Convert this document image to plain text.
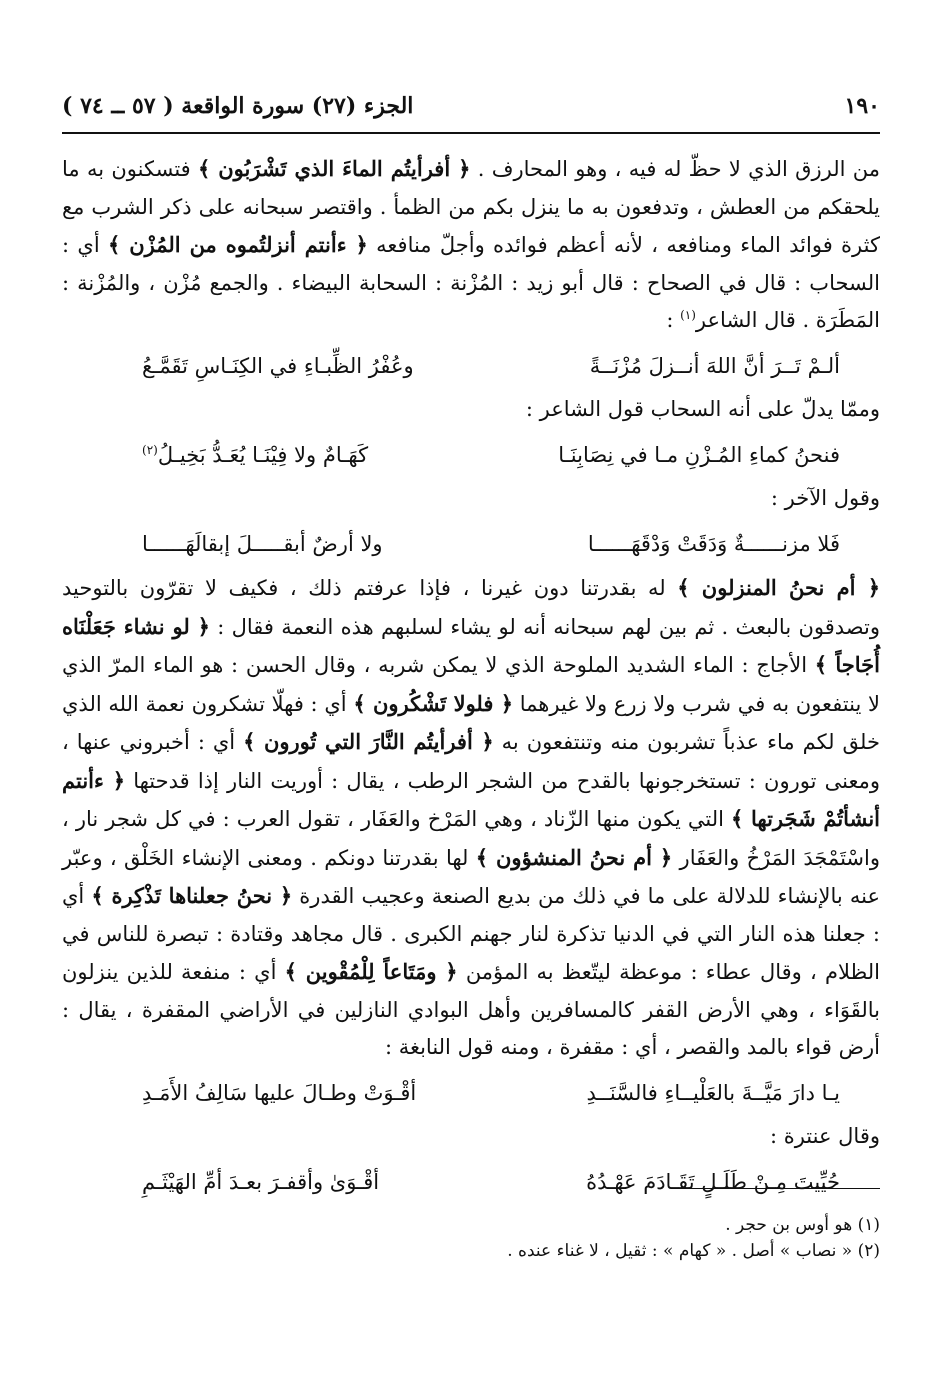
١٩٠
الجزء (٢٧) سورة الواقعة ( ٥٧ ــ ٧٤ )

من الرزق الذي لا حظّ له فيه ، وهو المحارف . ﴿ أفرأيتُم الماءَ الذي تَشْرَبُون ﴾ فتسكنون به ما يلحقكم من العطش ، وتدفعون به ما ينزل بكم من الظمأ . واقتصر سبحانه على ذكر الشرب مع كثرة فوائد الماء ومنافعه ، لأنه أعظم فوائده وأجلّ منافعه ﴿ ءأنتم أنزلتُموه من المُزْن ﴾ أي : السحاب : قال في الصحاح : قال أبو زيد : المُزْنة : السحابة البيضاء . والجمع مُزْن ، والمُزْنة : المَطَرَة . قال الشاعر$^{(١)}$ :

ألـمْ تَــرَ أنَّ اللهَ أنــزلَ مُزْنَــةً
وعُفْرُ الظِّبـاءِ في الكِنَـاسِ تَقَمَّـعُ

وممّا يدلّ على أنه السحاب قول الشاعر :

فنحنُ كماءِ المُـزْنِ مـا في نِصَابِنَـا
كَهَـامٌ ولا فِيْنَـا يُعَـدُّ بَخِيـلُ$^{(٢)}$

وقول الآخر :

فَلا مزنــــــةٌ وَدَقَتْ وَدْقَهَــــــا
ولا أرضٌ أبقـــــلَ إبقالَهَــــــا

﴿ أم نحنُ المنزلون ﴾ له بقدرتنا دون غيرنا ، فإذا عرفتم ذلك ، فكيف لا تقرّون بالتوحيد وتصدقون بالبعث . ثم بين لهم سبحانه أنه لو يشاء لسلبهم هذه النعمة فقال : ﴿ لو نشاء جَعَلْنَاه أُجَاجاً ﴾ الأجاج : الماء الشديد الملوحة الذي لا يمكن شربه ، وقال الحسن : هو الماء المرّ الذي لا ينتفعون به في شرب ولا زرع ولا غيرهما ﴿ فلولا تَشْكُرون ﴾ أي : فهلّا تشكرون نعمة الله الذي خلق لكم ماء عذباً تشربون منه وتنتفعون به ﴿ أفرأيتُم النَّارَ التي تُورون ﴾ أي : أخبروني عنها ، ومعنى تورون : تستخرجونها بالقدح من الشجر الرطب ، يقال : أوريت النار إذا قدحتها ﴿ ءأنتم أنشأتُمْ شَجَرتها ﴾ التي يكون منها الزّناد ، وهي المَرْخ والعَفَار ، تقول العرب : في كل شجر نار ، واسْتَمْجَدَ المَرْخُ والعَفَار ﴿ أم نحنُ المنشؤون ﴾ لها بقدرتنا دونكم . ومعنى الإنشاء الخَلْق ، وعبّر عنه بالإنشاء للدلالة على ما في ذلك من بديع الصنعة وعجيب القدرة ﴿ نحنُ جعلناها تَذْكِرة ﴾ أي : جعلنا هذه النار التي في الدنيا تذكرة لنار جهنم الكبرى . قال مجاهد وقتادة : تبصرة للناس في الظلام ، وقال عطاء : موعظة ليتّعظ به المؤمن ﴿ ومَتَاعاً لِلْمُقْوين ﴾ أي : منفعة للذين ينزلون بالقَوَاء ، وهي الأرض القفر كالمسافرين وأهل البوادي النازلين في الأراضي المقفرة ، يقال : أرض قواء بالمد والقصر ، أي : مقفرة ، ومنه قول النابغة :

يـا دارَ مَيَّــةَ بالعَلْيــاءِ فالسَّنَــدِ
أقْـوَتْ وطـالَ عليها سَالِفُ الأَمَـدِ

وقال عنترة :

حُيِّيتَ مِـنْ طَلَـلٍ تَقَـادَمَ عَهْـدُهُ
أقْـوَىٰ وأقفـرَ بعـدَ أمِّ الهَيْثَـمِ
(١) هو أوس بن حجر .
(٢) « نصاب » أصل . « كهام » : ثقيل ، لا غناء عنده .
